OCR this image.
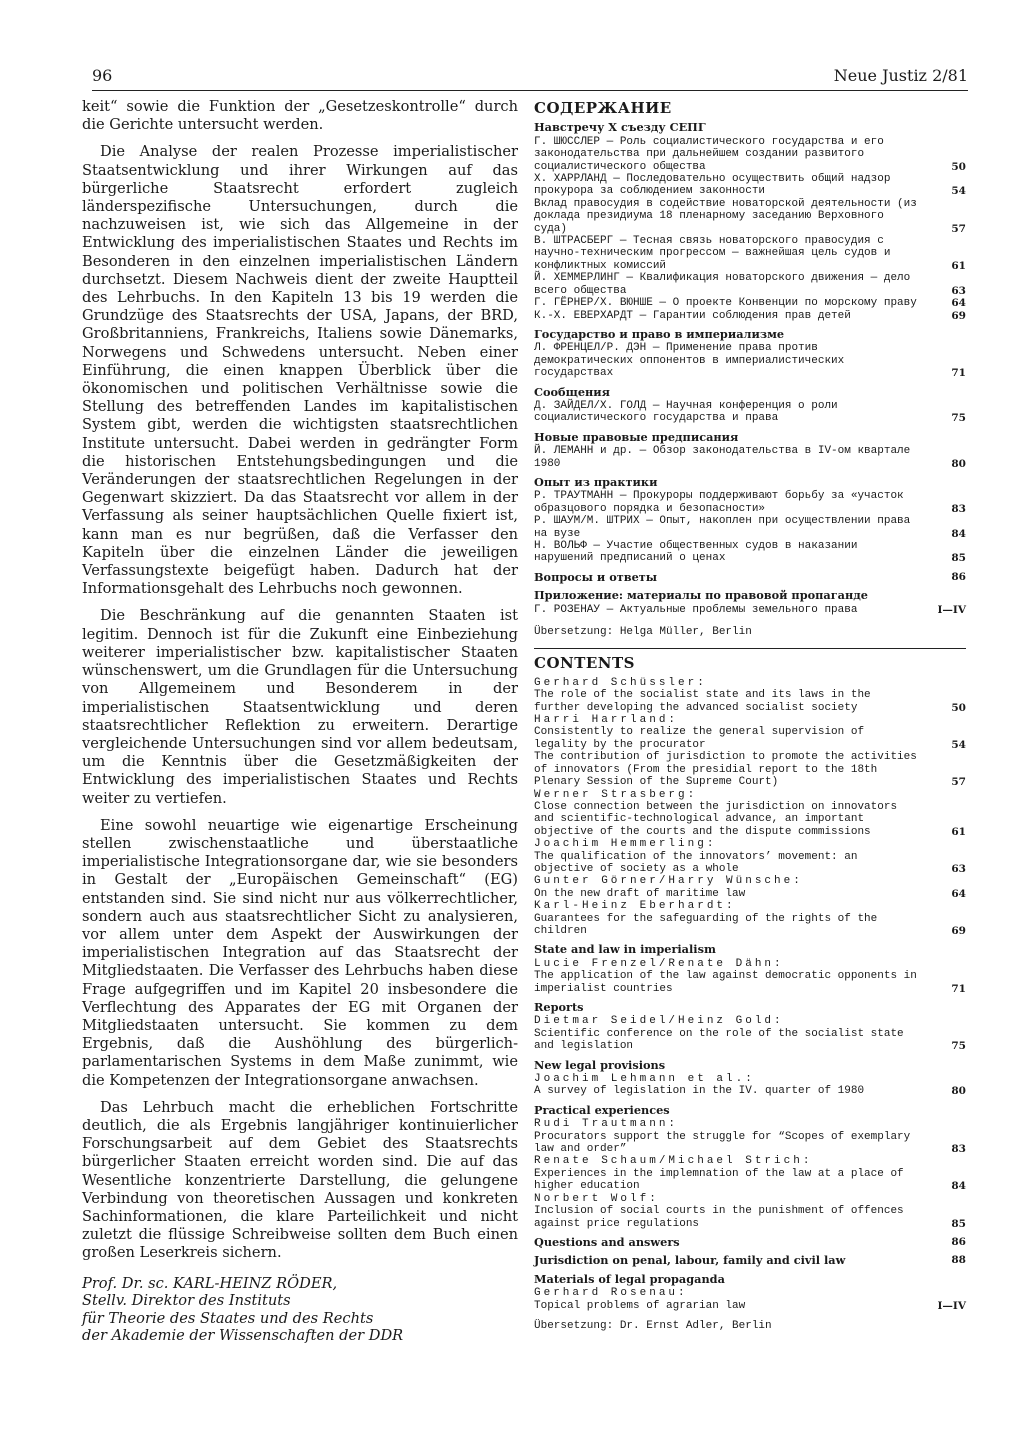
96	Neue Justiz 2/81

keit“ sowie die Funktion der „Gesetzeskontrolle“ durch die Gerichte untersucht werden.

Die Analyse der realen Prozesse imperialistischer Staatsentwicklung und ihrer Wirkungen auf das bürgerliche Staatsrecht erfordert zugleich länderspezifische Untersuchungen, durch die nachzuweisen ist, wie sich das Allgemeine in der Entwicklung des imperialistischen Staates und Rechts im Besonderen in den einzelnen imperialistischen Ländern durchsetzt. Diesem Nachweis dient der zweite Hauptteil des Lehrbuchs. In den Kapiteln 13 bis 19 werden die Grundzüge des Staatsrechts der USA, Japans, der BRD, Großbritanniens, Frankreichs, Italiens sowie Dänemarks, Norwegens und Schwedens untersucht. Neben einer Einführung, die einen knappen Überblick über die ökonomischen und politischen Verhältnisse sowie die Stellung des betreffenden Landes im kapitalistischen System gibt, werden die wichtigsten staatsrechtlichen Institute untersucht. Dabei werden in gedrängter Form die historischen Entstehungsbedingungen und die Veränderungen der staatsrechtlichen Regelungen in der Gegenwart skizziert. Da das Staatsrecht vor allem in der Verfassung als seiner hauptsächlichen Quelle fixiert ist, kann man es nur begrüßen, daß die Verfasser den Kapiteln über die einzelnen Länder die jeweiligen Verfassungstexte beigefügt haben. Dadurch hat der Informationsgehalt des Lehrbuchs noch gewonnen.

Die Beschränkung auf die genannten Staaten ist legitim. Dennoch ist für die Zukunft eine Einbeziehung weiterer imperialistischer bzw. kapitalistischer Staaten wünschenswert, um die Grundlagen für die Untersuchung von Allgemeinem und Besonderem in der imperialistischen Staatsentwicklung und deren staatsrechtlicher Reflektion zu erweitern. Derartige vergleichende Untersuchungen sind vor allem bedeutsam, um die Kenntnis über die Gesetzmäßigkeiten der Entwicklung des imperialistischen Staates und Rechts weiter zu vertiefen.

Eine sowohl neuartige wie eigenartige Erscheinung stellen zwischenstaatliche und überstaatliche imperialistische Integrationsorgane dar, wie sie besonders in Gestalt der „Europäischen Gemeinschaft“ (EG) entstanden sind. Sie sind nicht nur aus völkerrechtlicher, sondern auch aus staatsrechtlicher Sicht zu analysieren, vor allem unter dem Aspekt der Auswirkungen der imperialistischen Integration auf das Staatsrecht der Mitgliedstaaten. Die Verfasser des Lehrbuchs haben diese Frage aufgegriffen und im Kapitel 20 insbesondere die Verflechtung des Apparates der EG mit Organen der Mitgliedstaaten untersucht. Sie kommen zu dem Ergebnis, daß die Aushöhlung des bürgerlich-parlamentarischen Systems in dem Maße zunimmt, wie die Kompetenzen der Integrationsorgane anwachsen.

Das Lehrbuch macht die erheblichen Fortschritte deutlich, die als Ergebnis langjähriger kontinuierlicher Forschungsarbeit auf dem Gebiet des Staatsrechts bürgerlicher Staaten erreicht worden sind. Die auf das Wesentliche konzentrierte Darstellung, die gelungene Verbindung von theoretischen Aussagen und konkreten Sachinformationen, die klare Parteilichkeit und nicht zuletzt die flüssige Schreibweise sollten dem Buch einen großen Leserkreis sichern.

Prof. Dr. sc. KARL-HEINZ RÖDER,
Stellv. Direktor des Instituts
für Theorie des Staates und des Rechts
der Akademie der Wissenschaften der DDR
СОДЕРЖАНИЕ
Навстречу X съезду СЕПГ
Г. ШЮССЛЕР — Роль социалистического государства и его законодательства при дальнейшем создании развитого социалистического общества	50
Х. ХАРРЛАНД — Последовательно осуществить общий надзор прокурора за соблюдением законности	54
Вклад правосудия в содействие новаторской деятельности (из доклада президиума 18 пленарному заседанию Верховного суда)	57
В. ШТРАСБЕРГ — Тесная связь новаторского правосудия с научно-техническим прогрессом — важнейшая цель судов и конфликтных комиссий	61
Й. ХЕММЕРЛИНГ — Квалификация новаторского движения — дело всего общества	63
Г. ГЁРНЕР/Х. ВЮНШЕ — О проекте Конвенции по морскому праву	64
К.-Х. ЕВЕРХАРДТ — Гарантии соблюдения прав детей	69
Государство и право в империализме
Л. ФРЕНЦЕЛ/Р. ДЭН — Применение права против демократических оппонентов в империалистических государствах	71
Сообщения
Д. ЗАЙДЕЛ/Х. ГОЛД — Научная конференция о роли социалистического государства и права	75
Новые правовые предписания
Й. ЛЕМАНН и др. — Обзор законодательства в IV-ом квартале 1980	80
Опыт из практики
Р. ТРАУТМАНН — Прокуроры поддерживают борьбу за «участок образцового порядка и безопасности»	83
Р. ШАУМ/М. ШТРИХ — Опыт, накоплен при осуществлении права на вузе	84
Н. ВОЛЬФ — Участие общественных судов в наказании нарушений предписаний о ценах	85
Вопросы и ответы	86
Приложение: материалы по правовой пропаганде
Г. РОЗЕНАУ — Актуальные проблемы земельного права	I—IV
Übersetzung: Helga Müller, Berlin
CONTENTS
Gerhard Schüssler:
The role of the socialist state and its laws in the further developing the advanced socialist society	50
Harri Harrland:
Consistently to realize the general supervision of legality by the procurator	54
The contribution of jurisdiction to promote the activities of innovators (From the presidial report to the 18th Plenary Session of the Supreme Court)	57
Werner Strasberg:
Close connection between the jurisdiction on innovators and scientific-technological advance, an important objective of the courts and the dispute commissions	61
Joachim Hemmerling:
The qualification of the innovators’ movement: an objective of society as a whole	63
Gunter Görner/Harry Wünsche:
On the new draft of maritime law	64
Karl-Heinz Eberhardt:
Guarantees for the safeguarding of the rights of the children	69
State and law in imperialism
Lucie Frenzel/Renate Dähn:
The application of the law against democratic opponents in imperialist countries	71
Reports
Dietmar Seidel/Heinz Gold:
Scientific conference on the role of the socialist state and legislation	75
New legal provisions
Joachim Lehmann et al.:
A survey of legislation in the IV. quarter of 1980	80
Practical experiences
Rudi Trautmann:
Procurators support the struggle for “Scopes of exemplary law and order”	83
Renate Schaum/Michael Strich:
Experiences in the implemnation of the law at a place of higher education	84
Norbert Wolf:
Inclusion of social courts in the punishment of offences against price regulations	85
Questions and answers	86
Jurisdiction on penal, labour, family and civil law	88
Materials of legal propaganda
Gerhard Rosenau:
Topical problems of agrarian law	I—IV
Übersetzung: Dr. Ernst Adler, Berlin
